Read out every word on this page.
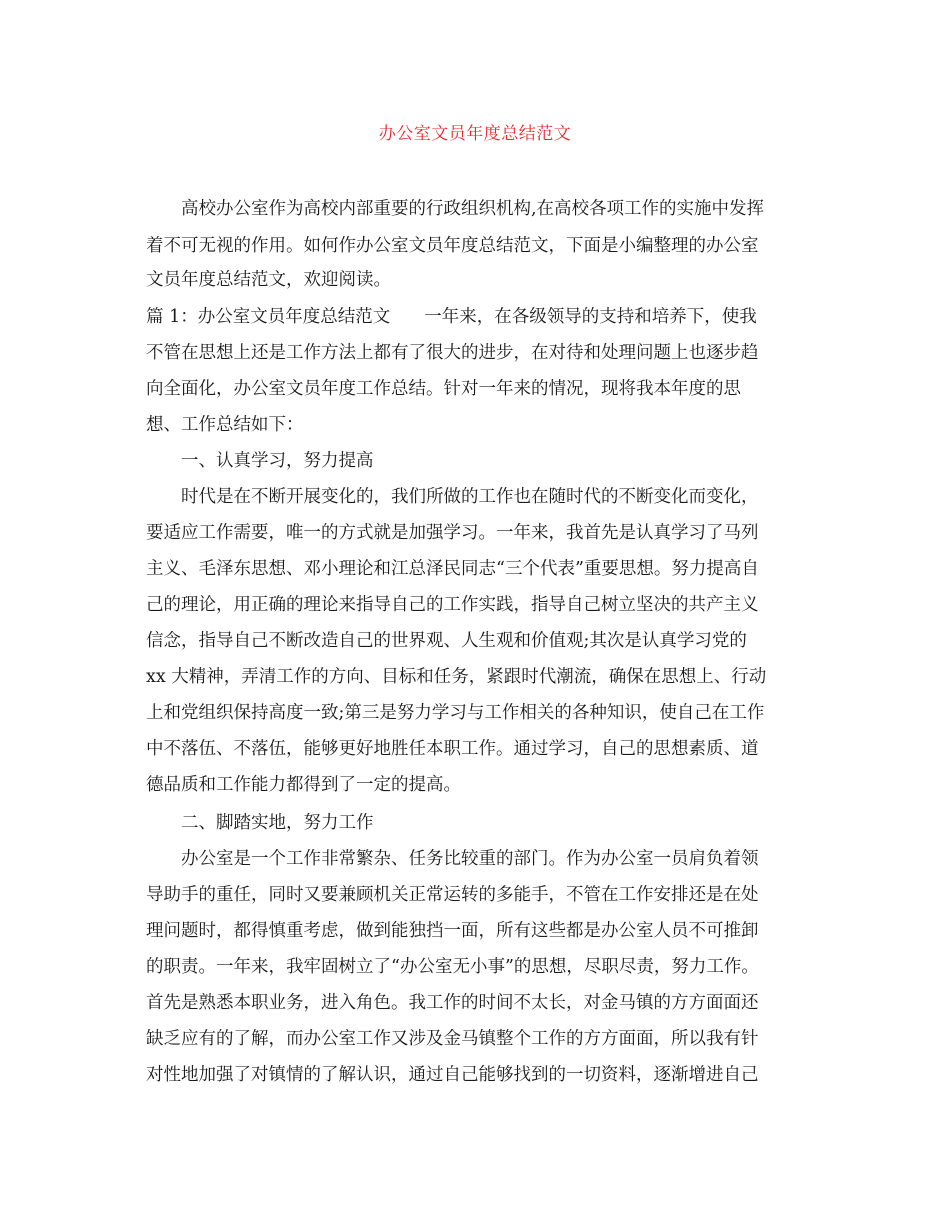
办公室文员年度总结范文
高校办公室作为高校内部重要的行政组织机构,在高校各项工作的实施中发挥
着不可无视的作用。如何作办公室文员年度总结范文，下面是小编整理的办公室
文员年度总结范文，欢迎阅读。
篇 1：办公室文员年度总结范文 一年来，在各级领导的支持和培养下，使我
不管在思想上还是工作方法上都有了很大的进步，在对待和处理问题上也逐步趋
向全面化，办公室文员年度工作总结。针对一年来的情况，现将我本年度的思
想、工作总结如下：
一、认真学习，努力提高
时代是在不断开展变化的，我们所做的工作也在随时代的不断变化而变化，
要适应工作需要，唯一的方式就是加强学习。一年来，我首先是认真学习了马列
主义、毛泽东思想、邓小理论和江总泽民同志“三个代表”重要思想。努力提高自
己的理论，用正确的理论来指导自己的工作实践，指导自己树立坚决的共产主义
信念，指导自己不断改造自己的世界观、人生观和价值观;其次是认真学习党的
xx 大精神，弄清工作的方向、目标和任务，紧跟时代潮流，确保在思想上、行动
上和党组织保持高度一致;第三是努力学习与工作相关的各种知识，使自己在工作
中不落伍、不落伍，能够更好地胜任本职工作。通过学习，自己的思想素质、道
德品质和工作能力都得到了一定的提高。
二、脚踏实地，努力工作
办公室是一个工作非常繁杂、任务比较重的部门。作为办公室一员肩负着领
导助手的重任，同时又要兼顾机关正常运转的多能手，不管在工作安排还是在处
理问题时，都得慎重考虑，做到能独挡一面，所有这些都是办公室人员不可推卸
的职责。一年来，我牢固树立了“办公室无小事”的思想，尽职尽责，努力工作。
首先是熟悉本职业务，进入角色。我工作的时间不太长，对金马镇的方方面面还
缺乏应有的了解，而办公室工作又涉及金马镇整个工作的方方面面，所以我有针
对性地加强了对镇情的了解认识，通过自己能够找到的一切资料，逐渐增进自己
